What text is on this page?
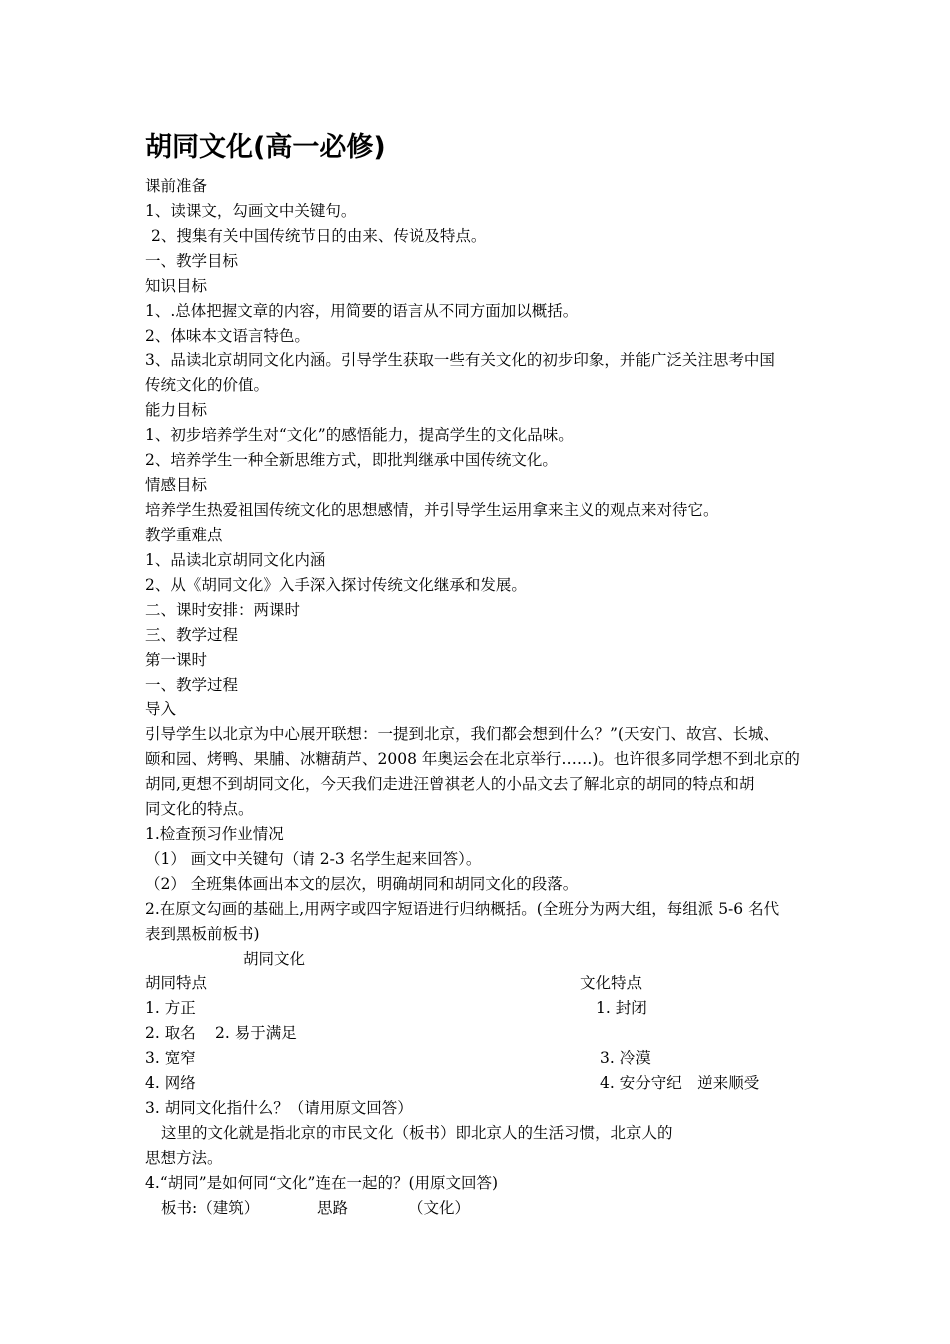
胡同文化(高一必修)

课前准备

1、读课文，勾画文中关键句。

2、搜集有关中国传统节日的由来、传说及特点。

一、教学目标

知识目标

1、.总体把握文章的内容，用简要的语言从不同方面加以概括。

2、体味本文语言特色。

3、品读北京胡同文化内涵。引导学生获取一些有关文化的初步印象，并能广泛关注思考中国

传统文化的价值。

能力目标

1、初步培养学生对“文化”的感悟能力，提高学生的文化品味。

2、培养学生一种全新思维方式，即批判继承中国传统文化。

情感目标

培养学生热爱祖国传统文化的思想感情，并引导学生运用拿来主义的观点来对待它。

教学重难点

1、品读北京胡同文化内涵

2、从《胡同文化》入手深入探讨传统文化继承和发展。

二、课时安排：两课时

三、教学过程

第一课时

一、教学过程

导入

引导学生以北京为中心展开联想：一提到北京，我们都会想到什么？”(天安门、故宫、长城、

颐和园、烤鸭、果脯、冰糖葫芦、2008 年奥运会在北京举行……)。也许很多同学想不到北京的

胡同,更想不到胡同文化，今天我们走进汪曾祺老人的小品文去了解北京的胡同的特点和胡

同文化的特点。

1.检查预习作业情况

（1） 画文中关键句（请 2-3 名学生起来回答）。

（2） 全班集体画出本文的层次，明确胡同和胡同文化的段落。

2.在原文勾画的基础上,用两字或四字短语进行归纳概括。(全班分为两大组，每组派 5-6 名代

表到黑板前板书)

胡同文化

胡同特点	文化特点

1. 方正	1. 封闭

2. 取名 2. 易于满足

3. 宽窄	3. 冷漠

4. 网络	4. 安分守纪　逆来顺受

3. 胡同文化指什么？（请用原文回答）

这里的文化就是指北京的市民文化（板书）即北京人的生活习惯，北京人的

思想方法。

4.“胡同”是如何同“文化”连在一起的？(用原文回答)

板书:（建筑）	思路	（文化）
